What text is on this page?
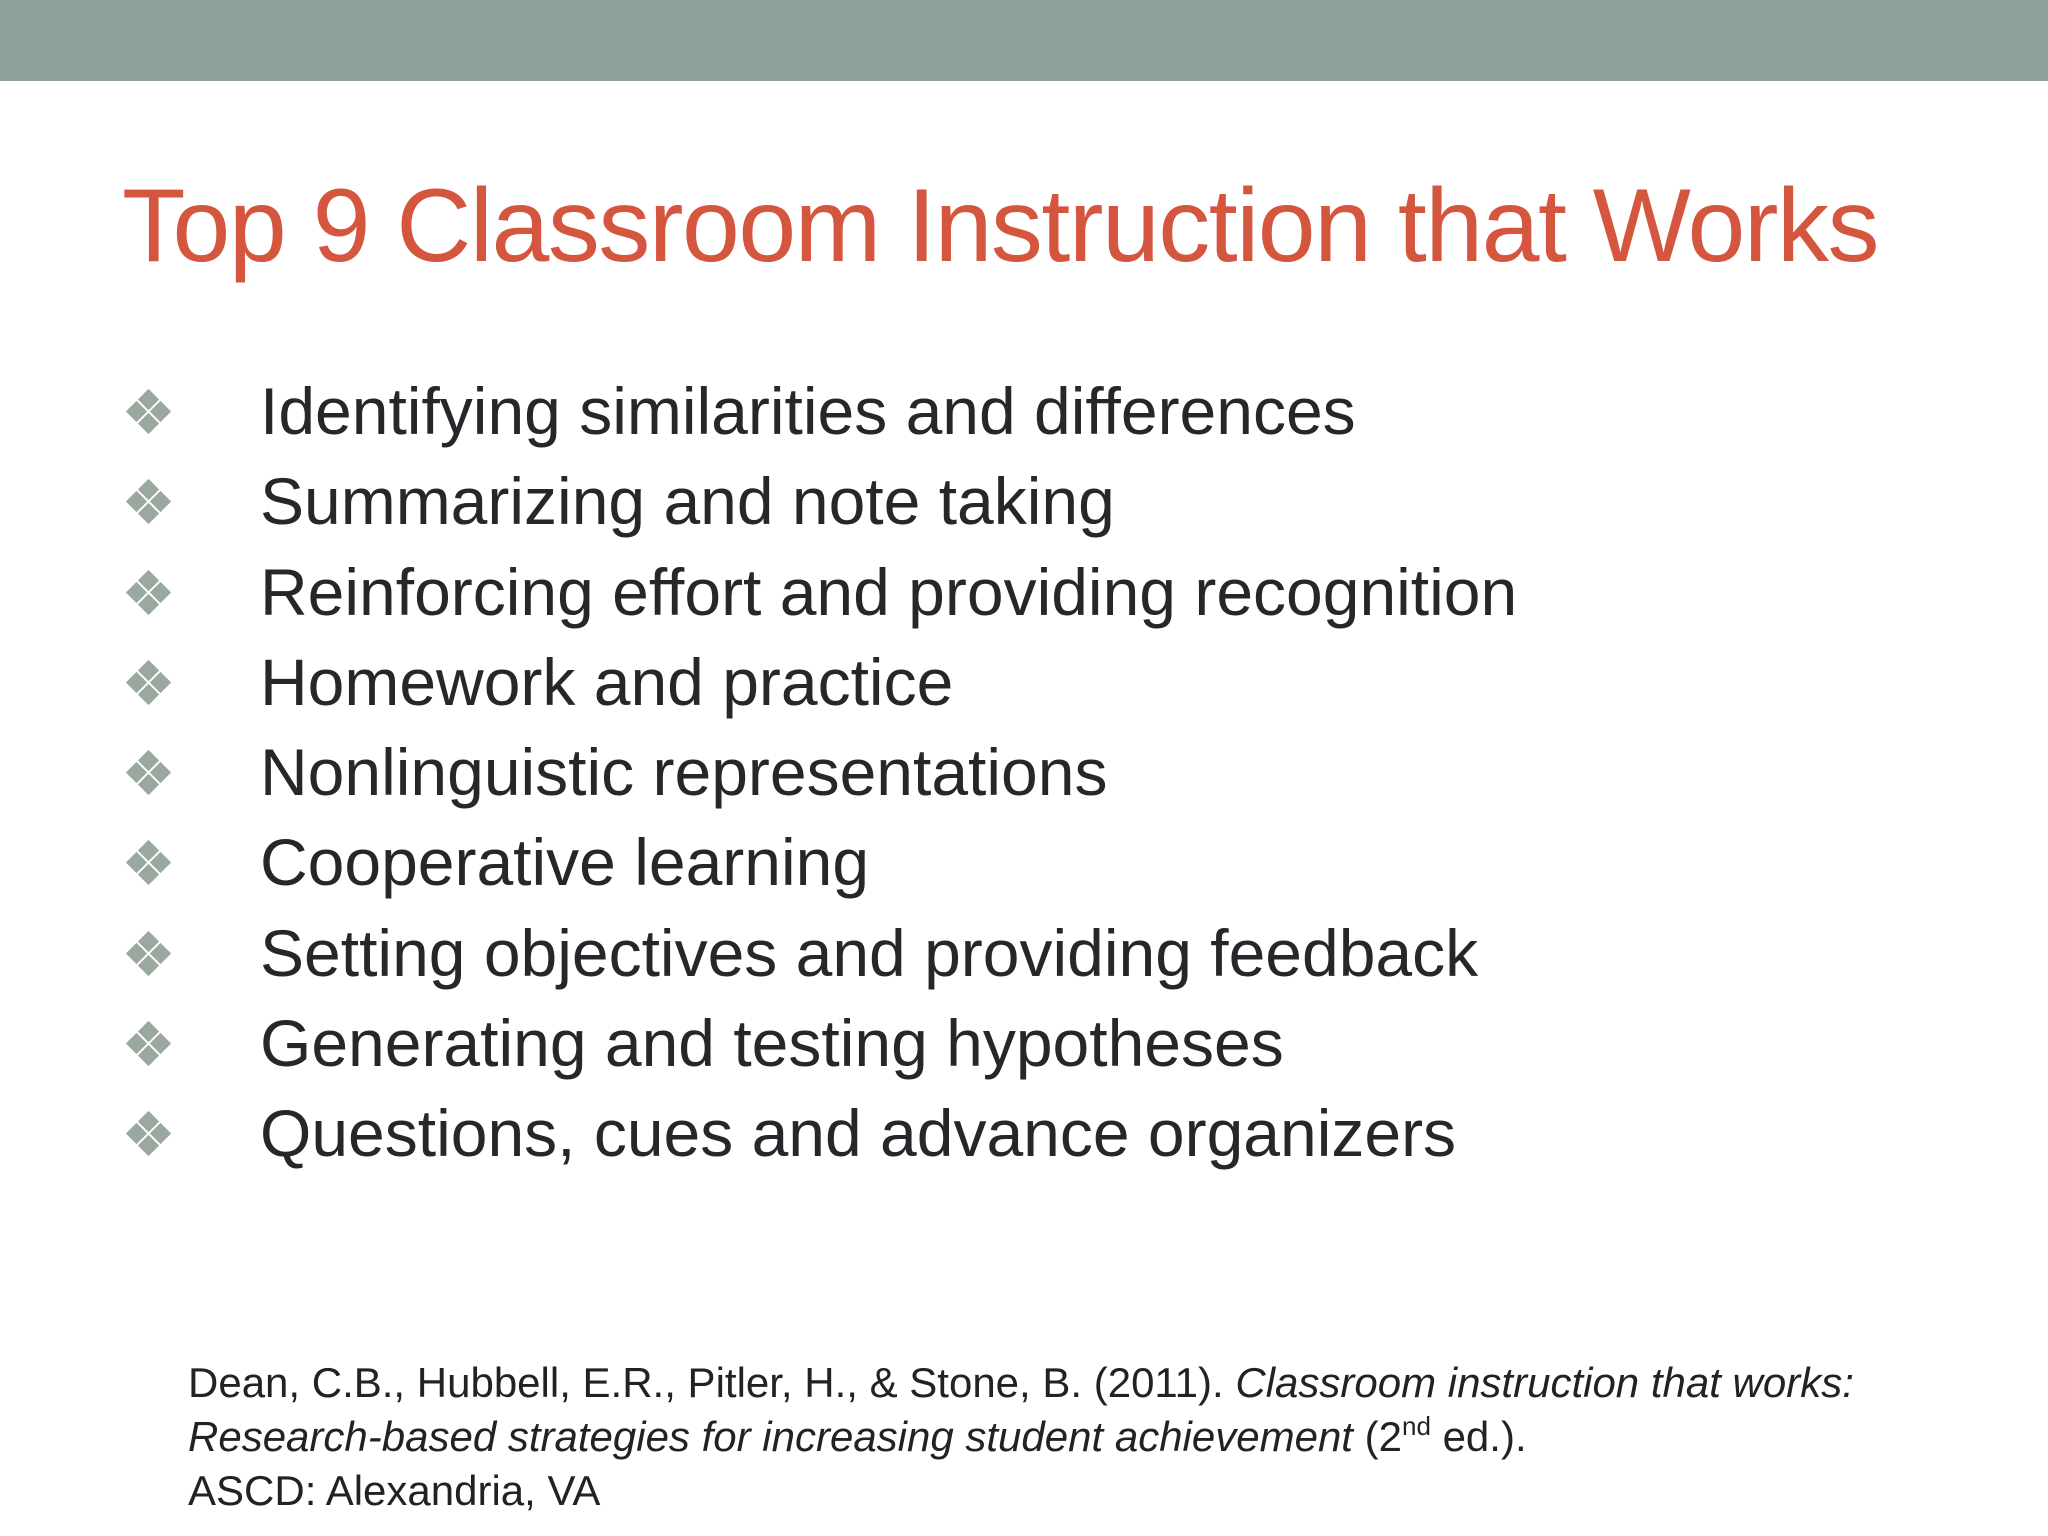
Top 9 Classroom Instruction that Works
Identifying similarities and differences
Summarizing and note taking
Reinforcing effort and providing recognition
Homework and practice
Nonlinguistic representations
Cooperative learning
Setting objectives and providing feedback
Generating and testing hypotheses
Questions, cues and advance organizers
Dean, C.B., Hubbell, E.R., Pitler, H., & Stone, B. (2011). Classroom instruction that works: Research-based strategies for increasing student achievement (2nd ed.).
ASCD: Alexandria, VA
